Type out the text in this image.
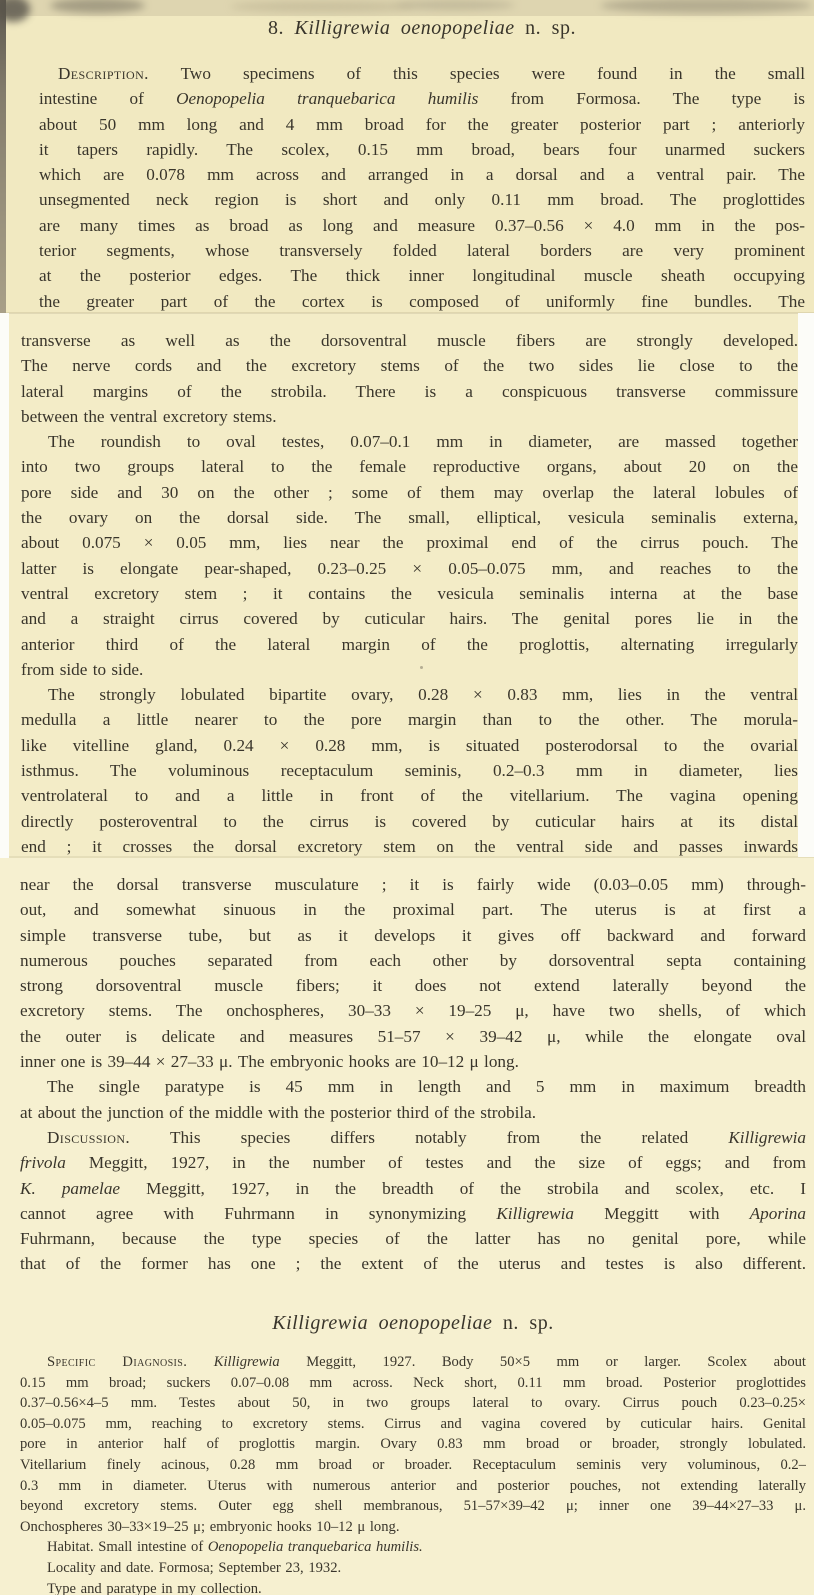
8. Killigrewia oenopopeliae n. sp.
Description. Two specimens of this species were found in the small
intestine of Oenopopelia tranquebarica humilis from Formosa. The type is
about 50 mm long and 4 mm broad for the greater posterior part ; anteriorly
it tapers rapidly. The scolex, 0.15 mm broad, bears four unarmed suckers
which are 0.078 mm across and arranged in a dorsal and a ventral pair. The
unsegmented neck region is short and only 0.11 mm broad. The proglottides
are many times as broad as long and measure 0.37–0.56 × 4.0 mm in the pos-
terior segments, whose transversely folded lateral borders are very prominent
at the posterior edges. The thick inner longitudinal muscle sheath occupying
the greater part of the cortex is composed of uniformly fine bundles. The
transverse as well as the dorsoventral muscle fibers are strongly developed.
The nerve cords and the excretory stems of the two sides lie close to the
lateral margins of the strobila. There is a conspicuous transverse commissure
between the ventral excretory stems.
The roundish to oval testes, 0.07–0.1 mm in diameter, are massed together
into two groups lateral to the female reproductive organs, about 20 on the
pore side and 30 on the other ; some of them may overlap the lateral lobules of
the ovary on the dorsal side. The small, elliptical, vesicula seminalis externa,
about 0.075 × 0.05 mm, lies near the proximal end of the cirrus pouch. The
latter is elongate pear-shaped, 0.23–0.25 × 0.05–0.075 mm, and reaches to the
ventral excretory stem ; it contains the vesicula seminalis interna at the base
and a straight cirrus covered by cuticular hairs. The genital pores lie in the
anterior third of the lateral margin of the proglottis, alternating irregularly
from side to side.
The strongly lobulated bipartite ovary, 0.28 × 0.83 mm, lies in the ventral
medulla a little nearer to the pore margin than to the other. The morula-
like vitelline gland, 0.24 × 0.28 mm, is situated posterodorsal to the ovarial
isthmus. The voluminous receptaculum seminis, 0.2–0.3 mm in diameter, lies
ventrolateral to and a little in front of the vitellarium. The vagina opening
directly posteroventral to the cirrus is covered by cuticular hairs at its distal
end ; it crosses the dorsal excretory stem on the ventral side and passes inwards
near the dorsal transverse musculature ; it is fairly wide (0.03–0.05 mm) through-
out, and somewhat sinuous in the proximal part. The uterus is at first a
simple transverse tube, but as it develops it gives off backward and forward
numerous pouches separated from each other by dorsoventral septa containing
strong dorsoventral muscle fibers; it does not extend laterally beyond the
excretory stems. The onchospheres, 30–33 × 19–25 μ, have two shells, of which
the outer is delicate and measures 51–57 × 39–42 μ, while the elongate oval
inner one is 39–44 × 27–33 μ. The embryonic hooks are 10–12 μ long.
The single paratype is 45 mm in length and 5 mm in maximum breadth
at about the junction of the middle with the posterior third of the strobila.
Discussion. This species differs notably from the related Killigrewia
frivola Meggitt, 1927, in the number of testes and the size of eggs; and from
K. pamelae Meggitt, 1927, in the breadth of the strobila and scolex, etc. I
cannot agree with Fuhrmann in synonymizing Killigrewia Meggitt with Aporina
Fuhrmann, because the type species of the latter has no genital pore, while
that of the former has one ; the extent of the uterus and testes is also different.
Killigrewia oenopopeliae n. sp.
Specific Diagnosis. Killigrewia Meggitt, 1927. Body 50×5 mm or larger. Scolex about
0.15 mm broad; suckers 0.07–0.08 mm across. Neck short, 0.11 mm broad. Posterior proglottides
0.37–0.56×4–5 mm. Testes about 50, in two groups lateral to ovary. Cirrus pouch 0.23–0.25×
0.05–0.075 mm, reaching to excretory stems. Cirrus and vagina covered by cuticular hairs. Genital
pore in anterior half of proglottis margin. Ovary 0.83 mm broad or broader, strongly lobulated.
Vitellarium finely acinous, 0.28 mm broad or broader. Receptaculum seminis very voluminous, 0.2–
0.3 mm in diameter. Uterus with numerous anterior and posterior pouches, not extending laterally
beyond excretory stems. Outer egg shell membranous, 51–57×39–42 μ; inner one 39–44×27–33 μ.
Onchospheres 30–33×19–25 μ; embryonic hooks 10–12 μ long.
Habitat. Small intestine of Oenopopelia tranquebarica humilis.
Locality and date. Formosa; September 23, 1932.
Type and paratype in my collection.
